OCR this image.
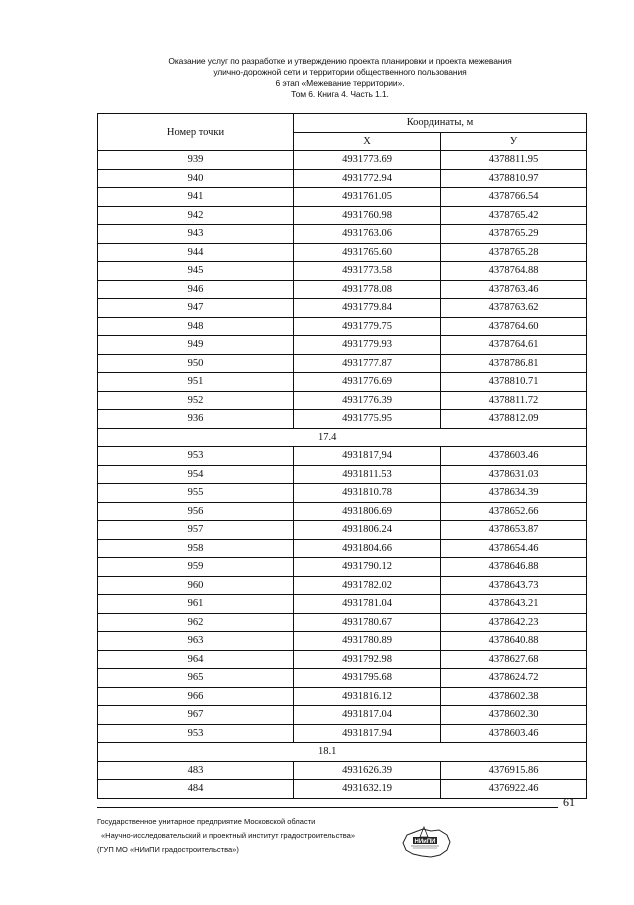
Оказание услуг по разработке и утверждению проекта планировки и проекта межевания
улично-дорожной сети и территории общественного пользования
6 этап «Межевание территории».
Том 6. Книга 4. Часть 1.1.
Номер точки	Координаты, м	
	X	У
939	4931773.69	4378811.95
940	4931772.94	4378810.97
941	4931761.05	4378766.54
942	4931760.98	4378765.42
943	4931763.06	4378765.29
944	4931765.60	4378765.28
945	4931773.58	4378764.88
946	4931778.08	4378763.46
947	4931779.84	4378763.62
948	4931779.75	4378764.60
949	4931779.93	4378764.61
950	4931777.87	4378786.81
951	4931776.69	4378810.71
952	4931776.39	4378811.72
936	4931775.95	4378812.09
17.4		
953	4931817,94	4378603.46
954	4931811.53	4378631.03
955	4931810.78	4378634.39
956	4931806.69	4378652.66
957	4931806.24	4378653.87
958	4931804.66	4378654.46
959	4931790.12	4378646.88
960	4931782.02	4378643.73
961	4931781.04	4378643.21
962	4931780.67	4378642.23
963	4931780.89	4378640.88
964	4931792.98	4378627.68
965	4931795.68	4378624.72
966	4931816.12	4378602.38
967	4931817.04	4378602.30
953	4931817.94	4378603.46
18.1		
483	4931626.39	4376915.86
484	4931632.19	4376922.46
61
Государственное унитарное предприятие Московской области
«Научно-исследовательский и проектный институт градостроительства»
(ГУП МО «НИиПИ градостроительства»)
НИиПИ
